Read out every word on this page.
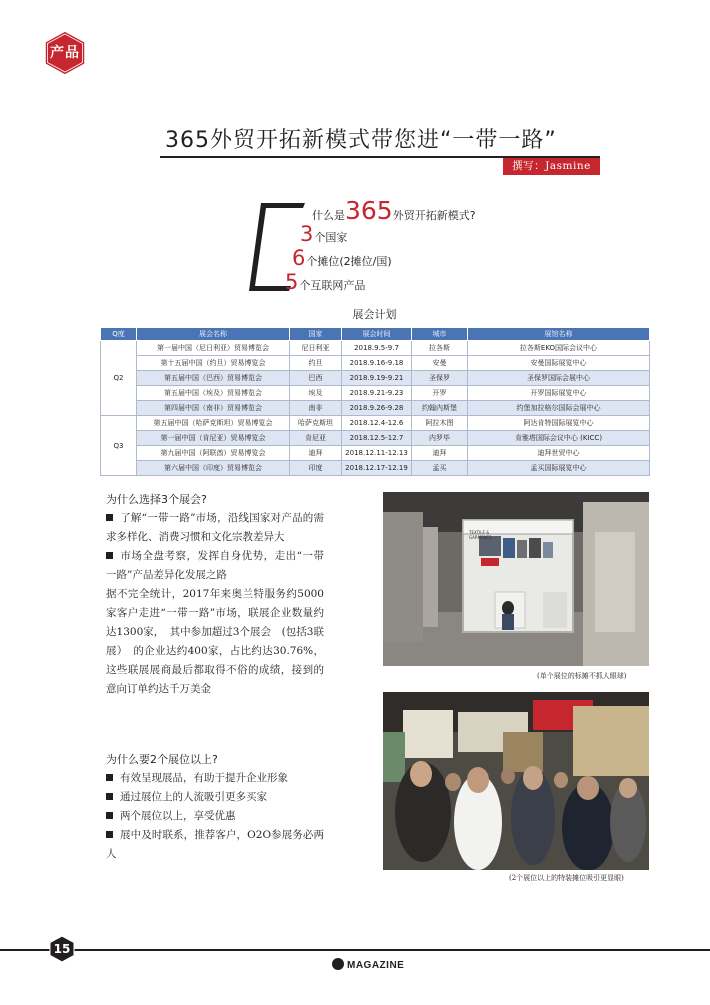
产品
365外贸开拓新模式带您进“一带一路”
撰写：Jasmine
什么是365外贸开拓新模式?
3个国家
6个摊位(2摊位/国)
5个互联网产品
展会计划
Q度	展会名称	国家	展会时间	城市	展馆名称
Q2	第一届中国（尼日利亚）贸易博览会	尼日利亚	2018.9.5-9.7	拉各斯	拉各斯EKO国际会议中心
	第十五届中国（约旦）贸易博览会	约旦	2018.9.16-9.18	安曼	安曼国际展览中心
	第五届中国（巴西）贸易博览会	巴西	2018.9.19-9.21	圣保罗	圣保罗国际会展中心
	第五届中国（埃及）贸易博览会	埃及	2018.9.21-9.23	开罗	开罗国际展览中心
	第四届中国（南非）贸易博览会	南非	2018.9.26-9.28	约翰内斯堡	约堡加拉格尔国际会展中心
Q3	第五届中国（哈萨克斯坦）贸易博览会	哈萨克斯坦	2018.12.4-12.6	阿拉木图	阿达肯特国际展览中心
	第一届中国（肯尼亚）贸易博览会	肯尼亚	2018.12.5-12.7	内罗毕	肯雅塔国际会议中心 (KICC)
	第九届中国（阿联酋）贸易博览会	迪拜	2018.12.11-12.13	迪拜	迪拜世贸中心
	第六届中国（印度）贸易博览会	印度	2018.12.17-12.19	孟买	孟买国际展览中心

为什么选择3个展会?

了解“一带一路”市场，沿线国家对产品的需求多样化、消费习惯和文化宗教差异大

市场全盘考察，发挥自身优势，走出“一带一路”产品差异化发展之路

据不完全统计，2017年来奥兰特服务约5000家客户走进“一带一路”市场，联展企业数量约达1300家，　其中参加超过3个展会　(包括3联展）　的企业达约400家，占比约达30.76%，这些联展展商最后都取得不俗的成绩，接到的意向订单约达千万美金

为什么要2个展位以上?

有效呈现展品，有助于提升企业形象

通过展位上的人流吸引更多买家

两个展位以上，享受优惠

展中及时联系，推荐客户，O2O参展务必两人

TEXTILE & GARMENTS
(单个展位的标摊不抓人眼球)
(2个展位以上的特装摊位吸引更显眼)
15
MAGAZINE
